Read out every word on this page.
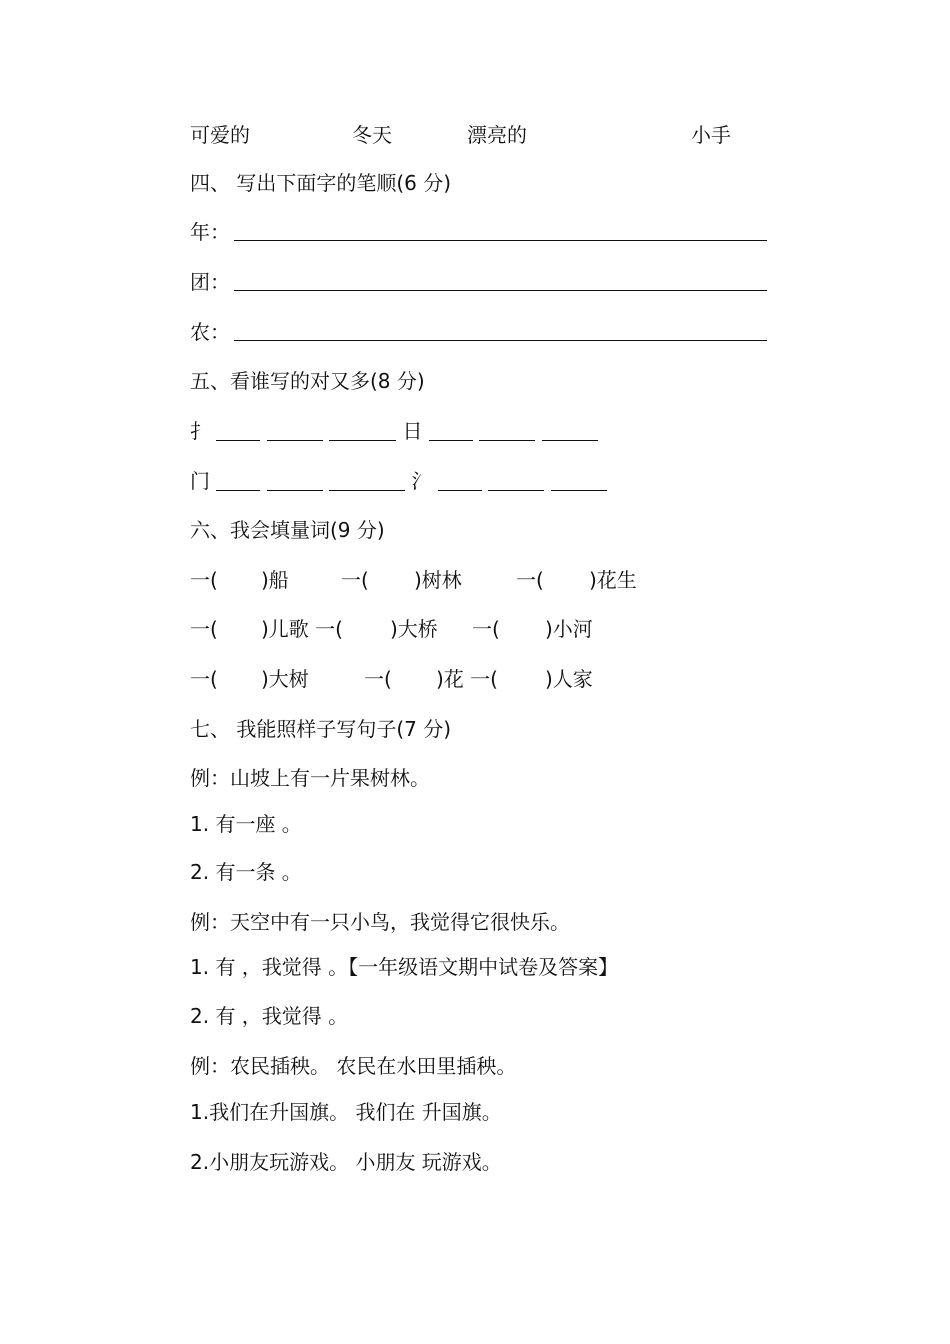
可爱的	冬天	漂亮的	小手
四、 写出下面字的笔顺(6 分)
年：
团：
农：
五、看谁写的对又多(8 分)
扌	日
门	氵
六、我会填量词(9 分)
一( )船	一( )树林	一( )花生
一( )儿歌 一( )大桥 一( )小河
一( )大树	一( )花 一( )人家
七、 我能照样子写句子(7 分)
例：山坡上有一片果树林。
1. 有一座 。
2. 有一条 。
例：天空中有一只小鸟，我觉得它很快乐。
1. 有 ，我觉得 。【一年级语文期中试卷及答案】
2. 有 ，我觉得 。
例：农民插秧。 农民在水田里插秧。
1.我们在升国旗。 我们在 升国旗。
2.小朋友玩游戏。 小朋友 玩游戏。
